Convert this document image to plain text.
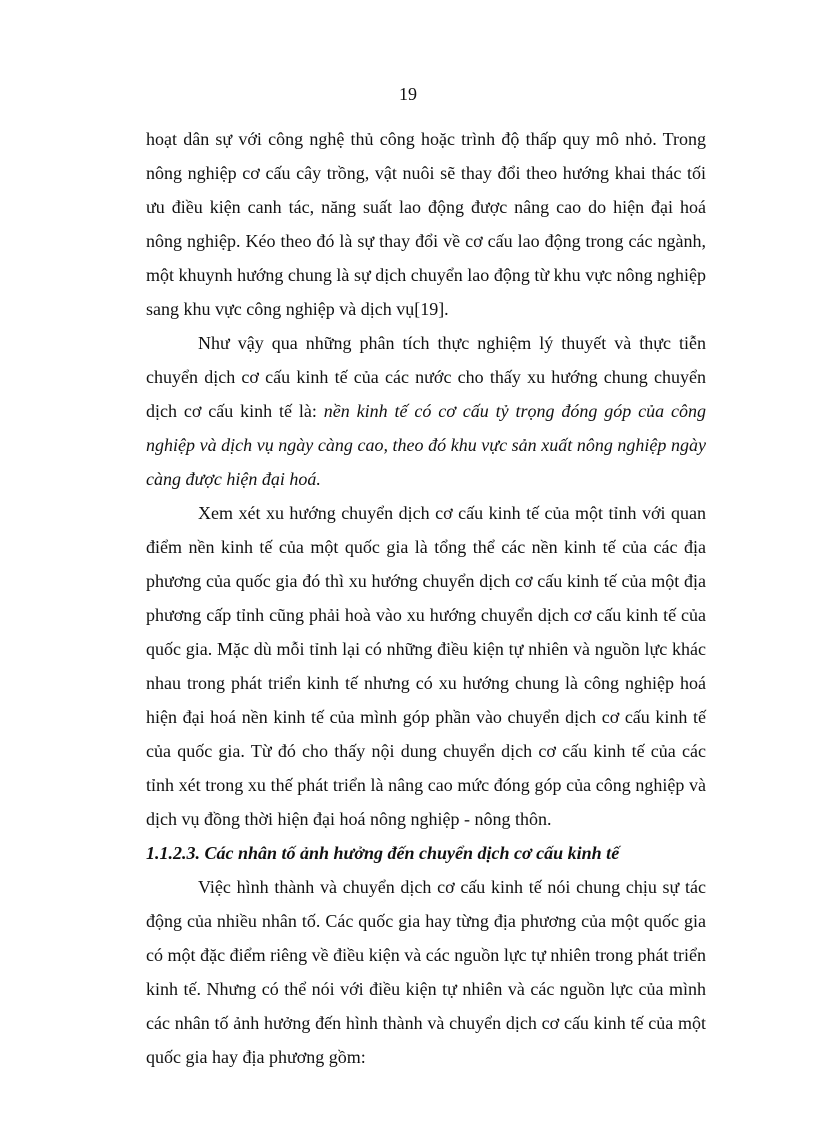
19

hoạt dân sự với công nghệ thủ công hoặc trình độ thấp quy mô nhỏ. Trong nông nghiệp cơ cấu cây trồng, vật nuôi sẽ thay đổi theo hướng khai thác tối ưu điều kiện canh tác, năng suất lao động được nâng cao do hiện đại hoá nông nghiệp. Kéo theo đó là sự thay đổi về cơ cấu lao động trong các ngành, một khuynh hướng chung là sự dịch chuyển lao động từ khu vực nông nghiệp sang khu vực công nghiệp và dịch vụ[19].

Như vậy qua những phân tích thực nghiệm lý thuyết và thực tiễn chuyển dịch cơ cấu kinh tế của các nước cho thấy xu hướng chung chuyển dịch cơ cấu kinh tế là: nền kinh tế có cơ cấu tỷ trọng đóng góp của công nghiệp và dịch vụ ngày càng cao, theo đó khu vực sản xuất nông nghiệp ngày càng được hiện đại hoá.

Xem xét xu hướng chuyển dịch cơ cấu kinh tế của một tỉnh với quan điểm nền kinh tế của một quốc gia là tổng thể các nền kinh tế của các địa phương của quốc gia đó thì xu hướng chuyển dịch cơ cấu kinh tế của một địa phương cấp tỉnh cũng phải hoà vào xu hướng chuyển dịch cơ cấu kinh tế của quốc gia. Mặc dù mỗi tỉnh lại có những điều kiện tự nhiên và nguồn lực khác nhau trong phát triển kinh tế nhưng có xu hướng chung là công nghiệp hoá hiện đại hoá nền kinh tế của mình góp phần vào chuyển dịch cơ cấu kinh tế của quốc gia. Từ đó cho thấy nội dung chuyển dịch cơ cấu kinh tế của các tỉnh xét trong xu thế phát triển là nâng cao mức đóng góp của công nghiệp và dịch vụ đồng thời hiện đại hoá nông nghiệp - nông thôn.

1.1.2.3. Các nhân tố ảnh hưởng đến chuyển dịch cơ cấu kinh tế

Việc hình thành và chuyển dịch cơ cấu kinh tế nói chung chịu sự tác động của nhiều nhân tố. Các quốc gia hay từng địa phương của một quốc gia có một đặc điểm riêng về điều kiện và các nguồn lực tự nhiên trong phát triển kinh tế. Nhưng có thể nói với điều kiện tự nhiên và các nguồn lực của mình các nhân tố ảnh hưởng đến hình thành và chuyển dịch cơ cấu kinh tế của một quốc gia hay địa phương gồm:
